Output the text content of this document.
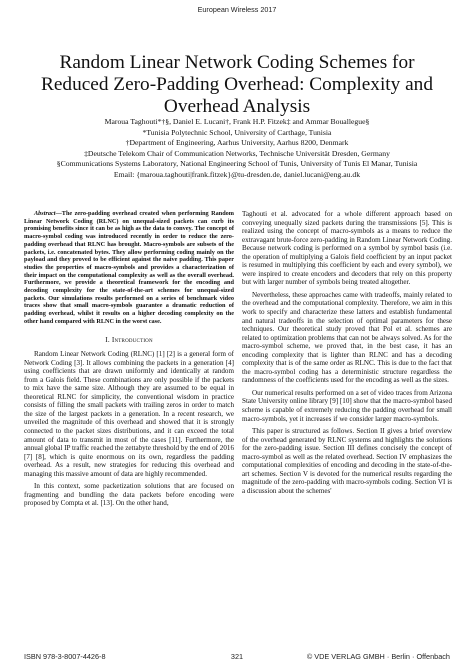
European Wireless 2017
Random Linear Network Coding Schemes for
Reduced Zero-Padding Overhead: Complexity and
Overhead Analysis
Maroua Taghouti*†§, Daniel E. Lucani†, Frank H.P. Fitzek‡ and Ammar Bouallegue§
*Tunisia Polytechnic School, University of Carthage, Tunisia
†Department of Engineering, Aarhus University, Aarhus 8200, Denmark
‡Deutsche Telekom Chair of Communication Networks, Technische Universität Dresden, Germany
§Communications Systems Laboratory, National Engineering School of Tunis, University of Tunis El Manar, Tunisia
Email: {maroua.taghouti|frank.fitzek}@tu-dresden.de, daniel.lucani@eng.au.dk

Abstract—The zero-padding overhead created when performing Random Linear Network Coding (RLNC) on unequal-sized packets can curb its promising benefits since it can be as high as the data to convey. The concept of macro-symbol coding was introduced recently in order to reduce the zero-padding overhead that RLNC has brought. Macro-symbols are subsets of the packets, i.e. concatenated bytes. They allow performing coding mainly on the payload and they proved to be efficient against the naive padding. This paper studies the properties of macro-symbols and provides a characterization of their impact on the computational complexity as well as the overall overhead. Furthermore, we provide a theoretical framework for the encoding and decoding complexity for the state-of-the-art schemes for unequal-sized packets. Our simulations results performed on a series of benchmark video traces show that small macro-symbols guarantee a dramatic reduction of padding overhead, whilst it results on a higher decoding complexity on the other hand compared with RLNC in the worst case.

I. Introduction

Random Linear Network Coding (RLNC) [1] [2] is a general form of Network Coding [3]. It allows combining the packets in a generation [4] using coefficients that are drawn uniformly and identically at random from a Galois field. These combinations are only possible if the packets to mix have the same size. Although they are assumed to be equal in theoretical RLNC for simplicity, the conventional wisdom in practice consists of filling the small packets with trailing zeros in order to match the size of the largest packets in a generation. In a recent research, we unveiled the magnitude of this overhead and showed that it is strongly connected to the packet sizes distributions, and it can exceed the total amount of data to transmit in most of the cases [11]. Furthermore, the annual global IP traffic reached the zettabyte threshold by the end of 2016 [7] [8], which is quite enormous on its own, regardless the padding overhead. As a result, new strategies for reducing this overhead and managing this massive amount of data are highly recommended.

In this context, some packetization solutions that are focused on fragmenting and bundling the data packets before encoding were proposed by Compta et al. [13]. On the other hand,

Taghouti et al. advocated for a whole different approach based on conveying unequally sized packets during the transmissions [5]. This is realized using the concept of macro-symbols as a means to reduce the extravagant brute-force zero-padding in Random Linear Network Coding. Because network coding is performed on a symbol by symbol basis (i.e. the operation of multiplying a Galois field coefficient by an input packet is resumed in multiplying this coefficient by each and every symbol), we were inspired to create encoders and decoders that rely on this property but with larger number of symbols being treated altogether.

Nevertheless, these approaches came with tradeoffs, mainly related to the overhead and the computational complexity. Therefore, we aim in this work to specify and characterize these latters and establish fundamental and natural tradeoffs in the selection of optimal parameters for these techniques. Our theoretical study proved that Pol et al. schemes are related to optimization problems that can not be always solved. As for the macro-symbol scheme, we proved that, in the best case, it has an encoding complexity that is lighter than RLNC and has a decoding complexity that is of the same order as RLNC. This is due to the fact that the macro-symbol coding has a deterministic structure regardless the randomness of the coefficients used for the encoding as well as the sizes.

Our numerical results performed on a set of video traces from Arizona State University online library [9] [10] show that the macro-symbol based scheme is capable of extremely reducing the padding overhead for small macro-symbols, yet it increases if we consider larger macro-symbols.

This paper is structured as follows. Section II gives a brief overview of the overhead generated by RLNC systems and highlights the solutions for the zero-padding issue. Section III defines concisely the concept of macro-symbol as well as the related overhead. Section IV emphasizes the computational complexities of encoding and decoding in the state-of-the-art schemes. Section V is devoted for the numerical results regarding the magnitude of the zero-padding with macro-symbols coding. Section VI is a discussion about the schemes'

ISBN 978-3-8007-4426-8	321	© VDE VERLAG GMBH · Berlin · Offenbach
